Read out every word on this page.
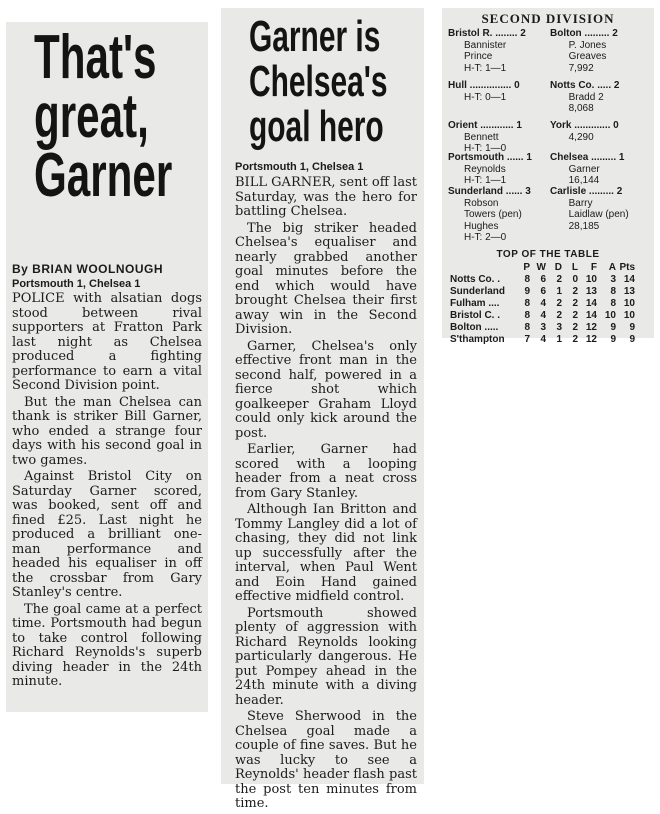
That's
great,
Garner
By BRIAN WOOLNOUGH
Portsmouth 1, Chelsea 1

POLICE with alsatian dogs stood between rival supporters at Fratton Park last night as Chelsea produced a fighting performance to earn a vital Second Division point.

But the man Chelsea can thank is striker Bill Garner, who ended a strange four days with his second goal in two games.

Against Bristol City on Saturday Garner scored, was booked, sent off and fined £25. Last night he produced a brilliant one-man performance and headed his equaliser in off the crossbar from Gary Stanley's centre.

The goal came at a perfect time. Portsmouth had begun to take control following Richard Reynolds's superb diving header in the 24th minute.

Garner is
Chelsea's
goal hero
Portsmouth 1, Chelsea 1

BILL GARNER, sent off last Saturday, was the hero for battling Chelsea.

The big striker headed Chelsea's equaliser and nearly grabbed another goal minutes before the end which would have brought Chelsea their first away win in the Second Division.

Garner, Chelsea's only effective front man in the second half, powered in a fierce shot which goalkeeper Graham Lloyd could only kick around the post.

Earlier, Garner had scored with a looping header from a neat cross from Gary Stanley.

Although Ian Britton and Tommy Langley did a lot of chasing, they did not link up successfully after the interval, when Paul Went and Eoin Hand gained effective midfield control.

Portsmouth showed plenty of aggression with Richard Reynolds looking particularly dangerous. He put Pompey ahead in the 24th minute with a diving header.

Steve Sherwood in the Chelsea goal made a couple of fine saves. But he was lucky to see a Reynolds' header flash past the post ten minutes from time.

SECOND DIVISION
Bristol R. ........ 2	Bolton ......... 2
Bannister	P. Jones
Prince	Greaves
H-T: 1—1	7,992
Hull ............... 0	Notts Co. ..... 2
H-T: 0—1	Bradd 2
8,068
Orient ............ 1	York ............. 0
Bennett	4,290
H-T: 1—0
Portsmouth ...... 1	Chelsea ......... 1
Reynolds	Garner
H-T: 1—1	16,144
Sunderland ...... 3	Carlisle ......... 2
Robson	Barry
Towers (pen)	Laidlaw (pen)
Hughes	28,185
H-T: 2—0
TOP OF THE TABLE
P W D L	F	A Pts
Notts Co. .	8	6	2	0 10	3 14
Sunderland	9	6	1	2 13	8 13
Fulham ....	8	4	2	2 14	8 10
Bristol C. .	8	4	2	2 14 10 10
Bolton .....	8	3	3	2 12	9	9
S'thampton	7	4	1	2 12	9	9
